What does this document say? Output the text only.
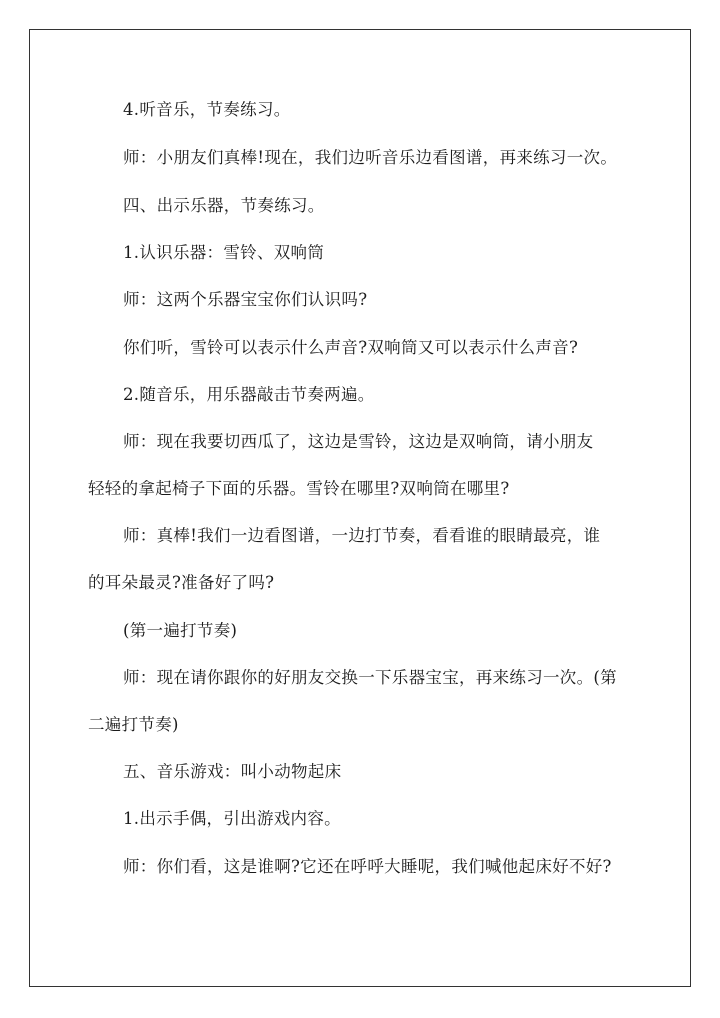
4.听音乐，节奏练习。
师：小朋友们真棒!现在，我们边听音乐边看图谱，再来练习一次。
四、出示乐器，节奏练习。
1.认识乐器：雪铃、双响筒
师：这两个乐器宝宝你们认识吗?
你们听，雪铃可以表示什么声音?双响筒又可以表示什么声音?
2.随音乐，用乐器敲击节奏两遍。
师：现在我要切西瓜了，这边是雪铃，这边是双响筒，请小朋友
轻轻的拿起椅子下面的乐器。雪铃在哪里?双响筒在哪里?
师：真棒!我们一边看图谱，一边打节奏，看看谁的眼睛最亮，谁
的耳朵最灵?准备好了吗?
(第一遍打节奏)
师：现在请你跟你的好朋友交换一下乐器宝宝，再来练习一次。(第
二遍打节奏)
五、音乐游戏：叫小动物起床
1.出示手偶，引出游戏内容。
师：你们看，这是谁啊?它还在呼呼大睡呢，我们喊他起床好不好?
